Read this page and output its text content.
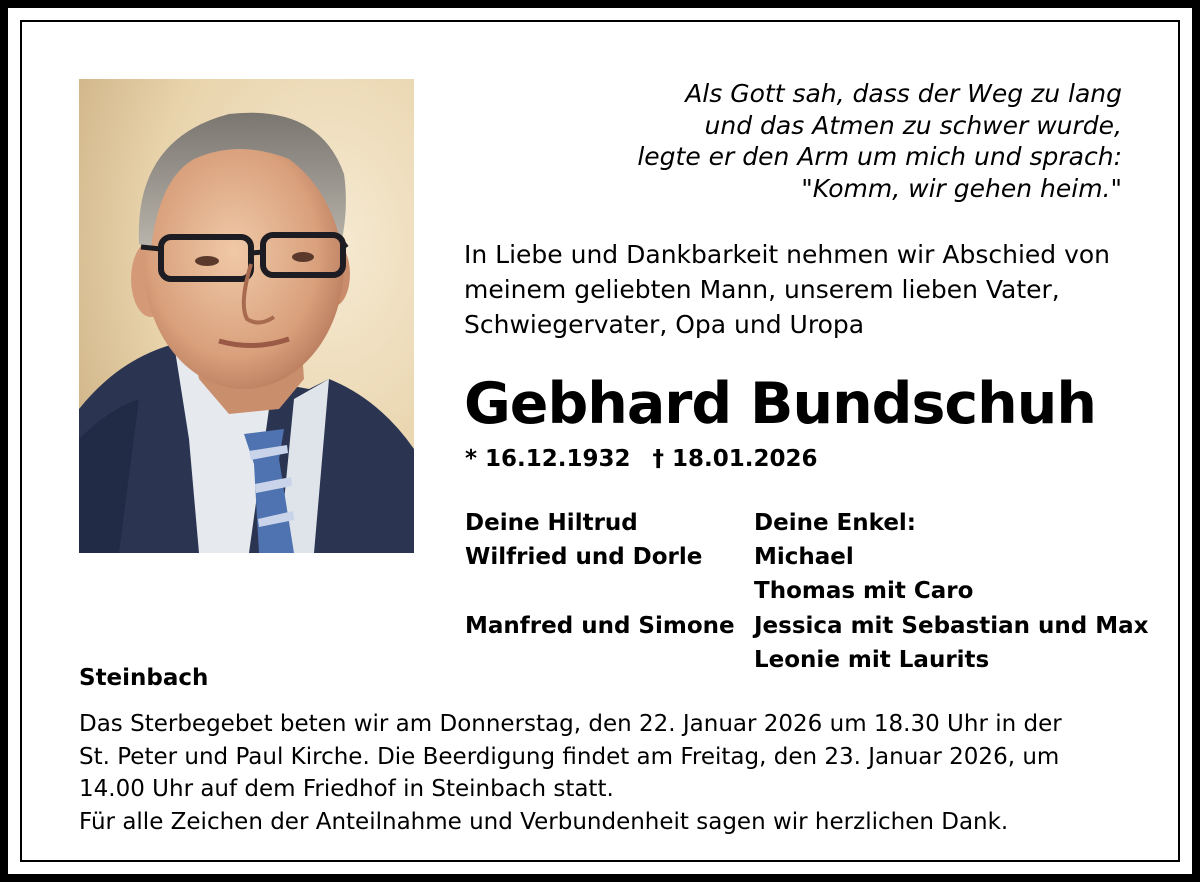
Als Gott sah, dass der Weg zu lang
und das Atmen zu schwer wurde,
legte er den Arm um mich und sprach:
"Komm, wir gehen heim."
In Liebe und Dankbarkeit nehmen wir Abschied von
meinem geliebten Mann, unserem lieben Vater,
Schwiegervater, Opa und Uropa
Gebhard Bundschuh
* 16.12.1932 † 18.01.2026
Deine Hiltrud
Wilfried und Dorle
Manfred und Simone
Deine Enkel:
Michael
Thomas mit Caro
Jessica mit Sebastian und Max
Leonie mit Laurits
Steinbach
Das Sterbegebet beten wir am Donnerstag, den 22. Januar 2026 um 18.30 Uhr in der
St. Peter und Paul Kirche. Die Beerdigung findet am Freitag, den 23. Januar 2026, um
14.00 Uhr auf dem Friedhof in Steinbach statt.
Für alle Zeichen der Anteilnahme und Verbundenheit sagen wir herzlichen Dank.
